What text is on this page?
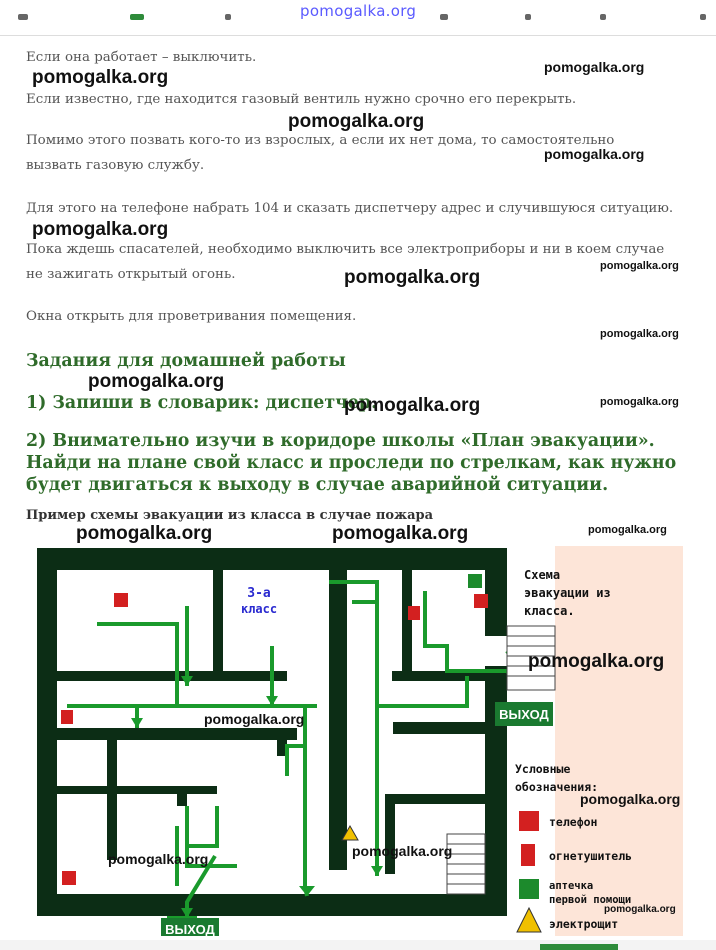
pomogalka.org

Если она работает – выключить.

Если известно, где находится газовый вентиль нужно срочно его перекрыть.

Помимо этого позвать кого-то из взрослых, а если их нет дома, то самостоятельно

вызвать газовую службу.

Для этого на телефоне набрать 104 и сказать диспетчеру адрес и случившуюся ситуацию.

Пока ждешь спасателей, необходимо выключить все электроприборы и ни в коем случае

не зажигать открытый огонь.

Окна открыть для проветривания помещения.

Задания для домашней работы
1) Запиши в словарик: диспетчер.
2) Внимательно изучи в коридоре школы «План эвакуации». Найди на плане свой класс и проследи по стрелкам, как нужно будет двигаться к выходу в случае аварийной ситуации.
Пример схемы эвакуации из класса в случае пожара
3-а
класс
ВЫХОД
ВЫХОД
Схема
эвакуации из
класса.
Условные
обозначения:
телефон
огнетушитель
аптечка
первой помощи
электрощит
pomogalka.org	pomogalka.org
pomogalka.org
pomogalka.org
pomogalka.org
pomogalka.org
pomogalka.org
pomogalka.org
pomogalka.org
pomogalka.org
pomogalka.org
pomogalka.org
pomogalka.org	pomogalka.org
pomogalka.org
pomogalka.org
pomogalka.org
pomogalka.org
pomogalka.org
pomogalka.org
